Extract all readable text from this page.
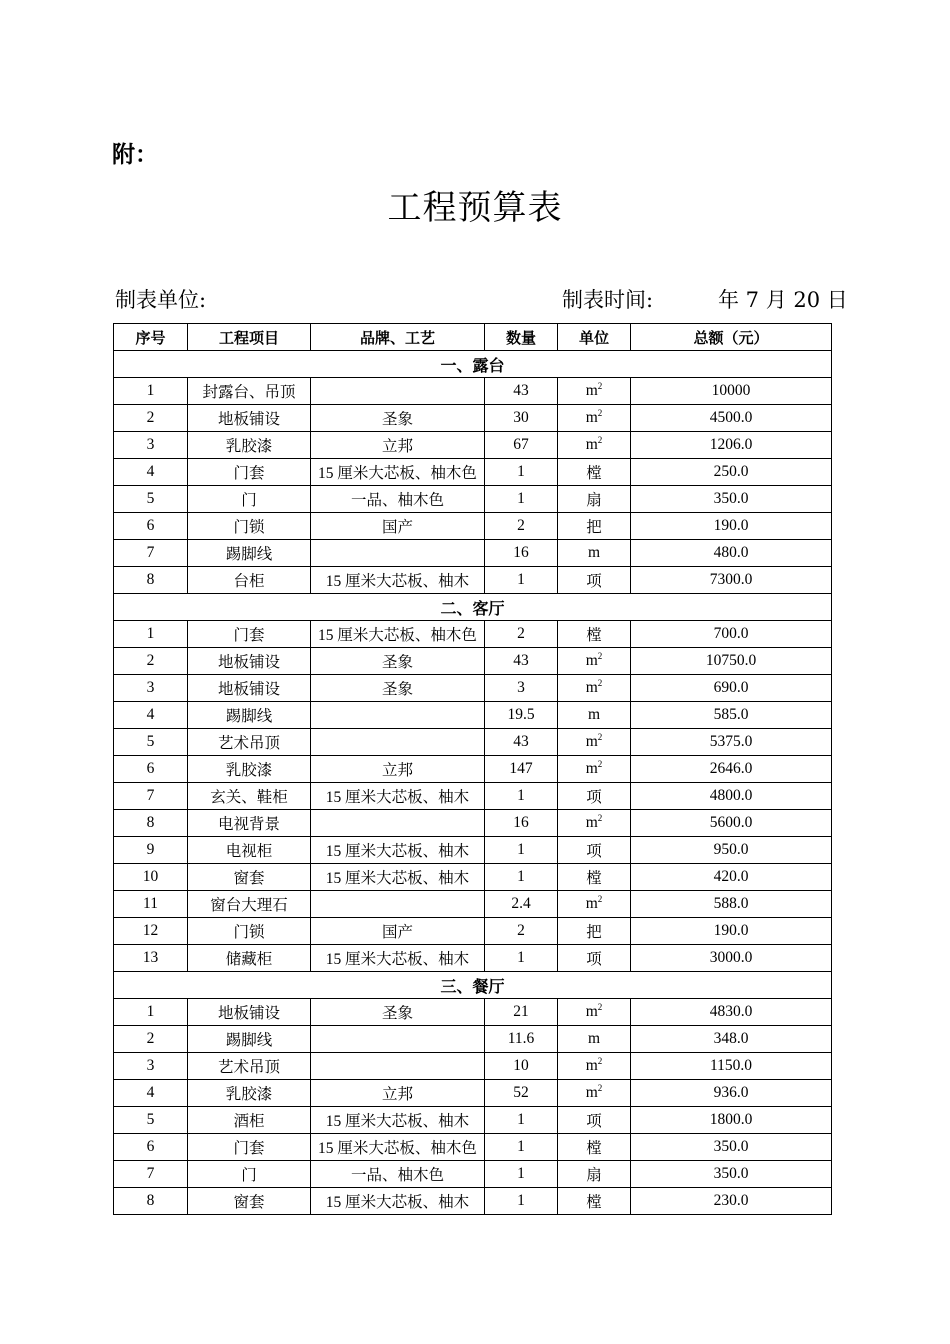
附：
工程预算表
制表单位:	制表时间:	年 7 月 20 日
序号	工程项目	品牌、工艺	数量	单位	总额（元）
一、露台					
1	封露台、吊顶		43	$m^2$	10000
2	地板铺设	圣象	30	$m^2$	4500.0
3	乳胶漆	立邦	67	$m^2$	1206.0
4	门套	15 厘米大芯板、柚木色	1	樘	250.0
5	门	一品、柚木色	1	扇	350.0
6	门锁	国产	2	把	190.0
7	踢脚线		16	m	480.0
8	台柜	15 厘米大芯板、柚木	1	项	7300.0
二、客厅					
1	门套	15 厘米大芯板、柚木色	2	樘	700.0
2	地板铺设	圣象	43	$m^2$	10750.0
3	地板铺设	圣象	3	$m^2$	690.0
4	踢脚线		19.5	m	585.0
5	艺术吊顶		43	$m^2$	5375.0
6	乳胶漆	立邦	147	$m^2$	2646.0
7	玄关、鞋柜	15 厘米大芯板、柚木	1	项	4800.0
8	电视背景		16	$m^2$	5600.0
9	电视柜	15 厘米大芯板、柚木	1	项	950.0
10	窗套	15 厘米大芯板、柚木	1	樘	420.0
11	窗台大理石		2.4	$m^2$	588.0
12	门锁	国产	2	把	190.0
13	储藏柜	15 厘米大芯板、柚木	1	项	3000.0
三、餐厅					
1	地板铺设	圣象	21	$m^2$	4830.0
2	踢脚线		11.6	m	348.0
3	艺术吊顶		10	$m^2$	1150.0
4	乳胶漆	立邦	52	$m^2$	936.0
5	酒柜	15 厘米大芯板、柚木	1	项	1800.0
6	门套	15 厘米大芯板、柚木色	1	樘	350.0
7	门	一品、柚木色	1	扇	350.0
8	窗套	15 厘米大芯板、柚木	1	樘	230.0
